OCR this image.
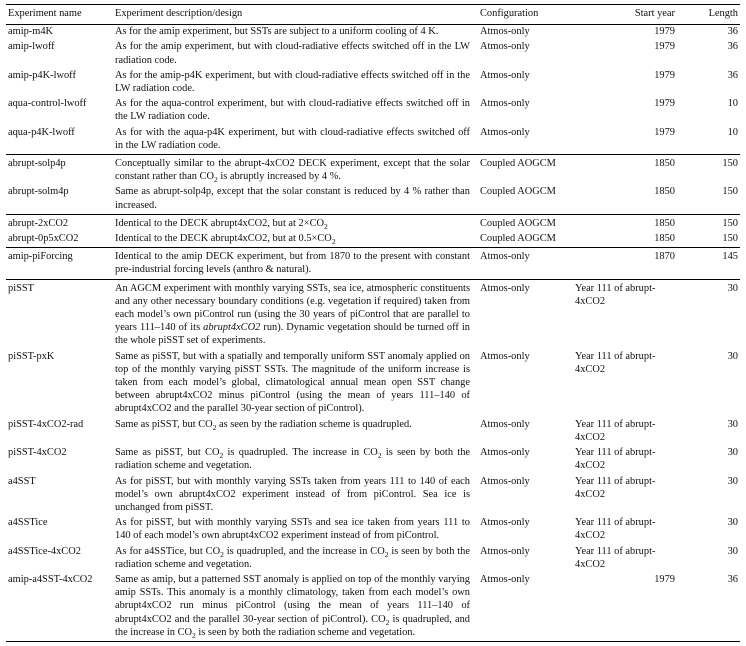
Experiment name	Experiment description/design	Configuration	Start year	Length
amip-m4K	As for the amip experiment, but SSTs are subject to a uniform cooling of 4 K.	Atmos-only	1979	36
amip-lwoff	As for the amip experiment, but with cloud-radiative effects switched off in the LW radiation code.	Atmos-only	1979	36
amip-p4K-lwoff	As for the amip-p4K experiment, but with cloud-radiative effects switched off in the LW radiation code.	Atmos-only	1979	36
aqua-control-lwoff	As for the aqua-control experiment, but with cloud-radiative effects switched off in the LW radiation code.	Atmos-only	1979	10
aqua-p4K-lwoff	As for with the aqua-p4K experiment, but with cloud-radiative effects switched off in the LW radiation code.	Atmos-only	1979	10
abrupt-solp4p	Conceptually similar to the abrupt-4xCO2 DECK experiment, except that the solar constant rather than $CO_2$ is abruptly increased by 4 %.	Coupled AOGCM	1850	150
abrupt-solm4p	Same as abrupt-solp4p, except that the solar constant is reduced by 4 % rather than increased.	Coupled AOGCM	1850	150
abrupt-2xCO2	Identical to the DECK abrupt4xCO2, but at $2\times CO_2$	Coupled AOGCM	1850	150
abrupt-0p5xCO2	Identical to the DECK abrupt4xCO2, but at $0.5\times CO_2$	Coupled AOGCM	1850	150
amip-piForcing	Identical to the amip DECK experiment, but from 1870 to the present with constant pre-industrial forcing levels (anthro & natural).	Atmos-only	1870	145
piSST	An AGCM experiment with monthly varying SSTs, sea ice, atmospheric constituents and any other necessary boundary conditions (e.g. vegetation if required) taken from each model’s own piControl run (using the 30 years of piControl that are parallel to years 111–140 of its abrupt4xCO2 run). Dynamic vegetation should be turned off in the whole piSST set of experiments.	Atmos-only	Year 111 of abrupt-4xCO2	30
piSST-pxK	Same as piSST, but with a spatially and temporally uniform SST anomaly applied on top of the monthly varying piSST SSTs. The magnitude of the uniform increase is taken from each model’s global, climatological annual mean open SST change between abrupt4xCO2 minus piControl (using the mean of years 111–140 of abrupt4xCO2 and the parallel 30-year section of piControl).	Atmos-only	Year 111 of abrupt-4xCO2	30
piSST-4xCO2-rad	Same as piSST, but $CO_2$ as seen by the radiation scheme is quadrupled.	Atmos-only	Year 111 of abrupt-4xCO2	30
piSST-4xCO2	Same as piSST, but $CO_2$ is quadrupled. The increase in $CO_2$ is seen by both the radiation scheme and vegetation.	Atmos-only	Year 111 of abrupt-4xCO2	30
a4SST	As for piSST, but with monthly varying SSTs taken from years 111 to 140 of each model’s own abrupt4xCO2 experiment instead of from piControl. Sea ice is unchanged from piSST.	Atmos-only	Year 111 of abrupt-4xCO2	30
a4SSTice	As for piSST, but with monthly varying SSTs and sea ice taken from years 111 to 140 of each model’s own abrupt4xCO2 experiment instead of from piControl.	Atmos-only	Year 111 of abrupt-4xCO2	30
a4SSTice-4xCO2	As for a4SSTice, but $CO_2$ is quadrupled, and the increase in $CO_2$ is seen by both the radiation scheme and vegetation.	Atmos-only	Year 111 of abrupt-4xCO2	30
amip-a4SST-4xCO2	Same as amip, but a patterned SST anomaly is applied on top of the monthly varying amip SSTs. This anomaly is a monthly climatology, taken from each model’s own abrupt4xCO2 run minus piControl (using the mean of years 111–140 of abrupt4xCO2 and the parallel 30-year section of piControl). $CO_2$ is quadrupled, and the increase in $CO_2$ is seen by both the radiation scheme and vegetation.	Atmos-only	1979	36
